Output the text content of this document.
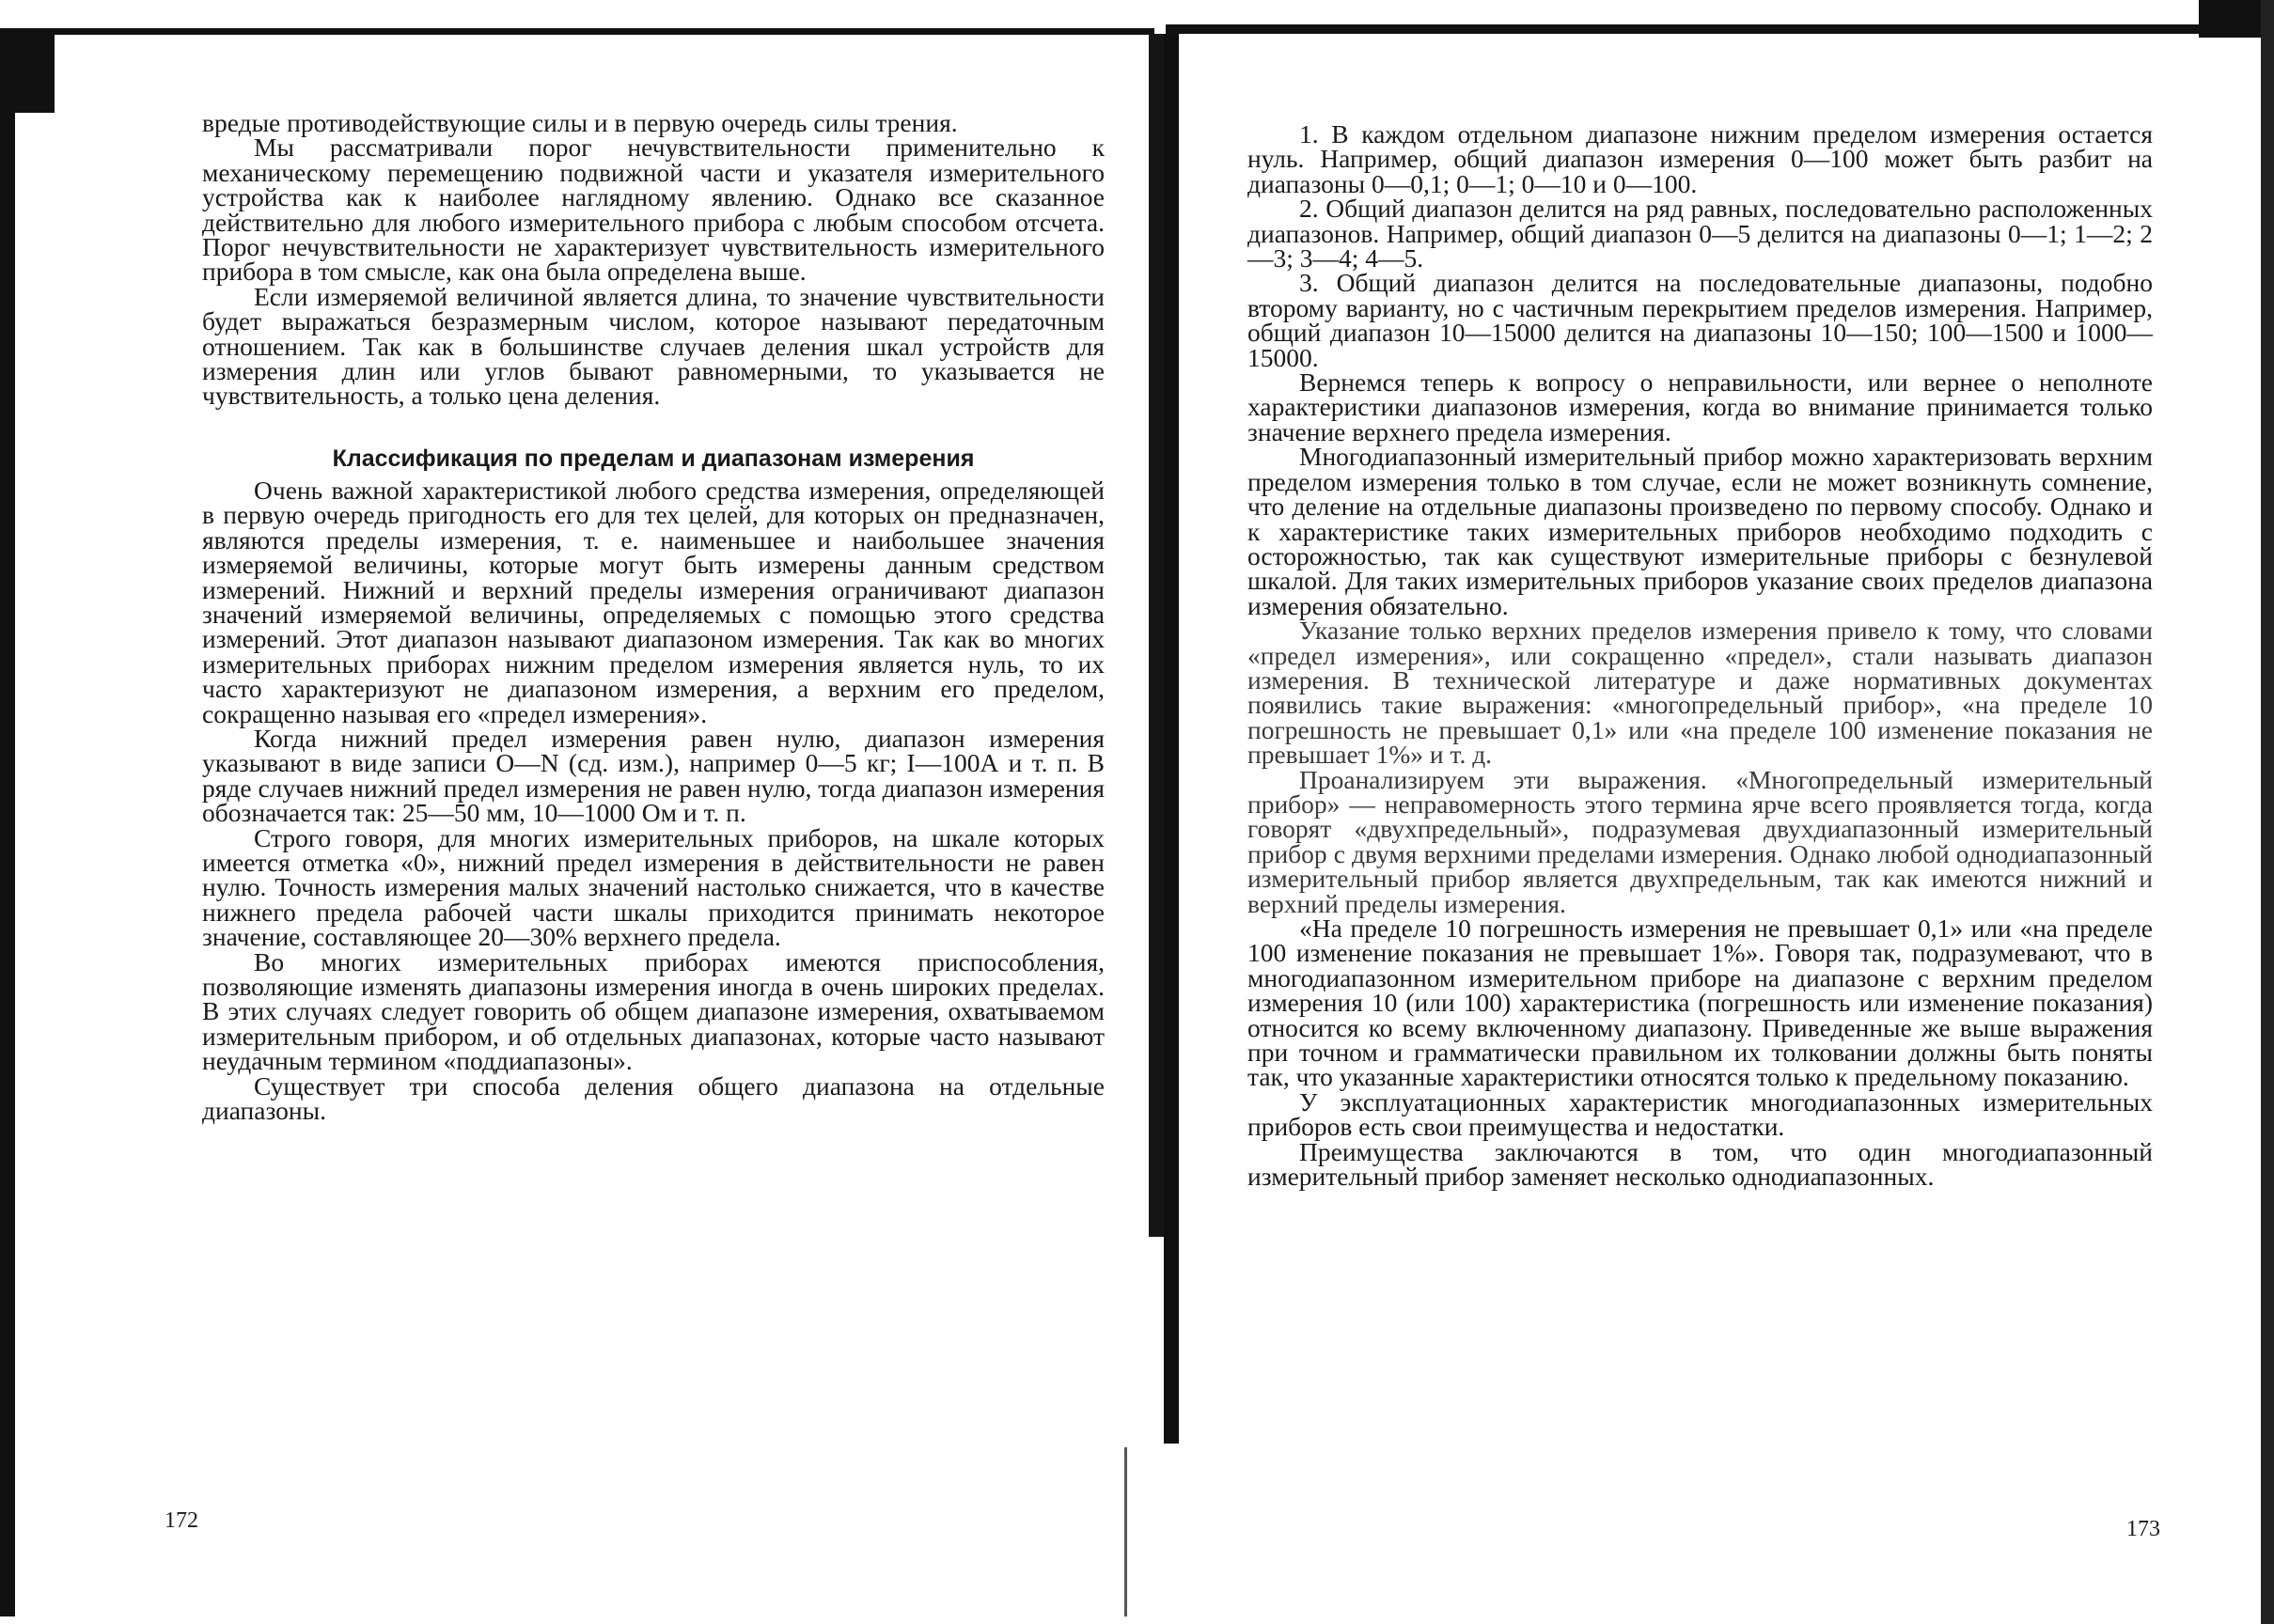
вредые противодействующие силы и в первую очередь силы трения.

Мы рассматривали порог нечувствительности применительно к механическому перемещению подвижной части и указателя измерительного устройства как к наиболее наглядному явлению. Однако все сказанное действительно для любого измерительного прибора с любым способом отсчета. Порог нечувствительности не характеризует чувствительность измерительного прибора в том смысле, как она была определена выше.

Если измеряемой величиной является длина, то значение чувствительности будет выражаться безразмерным числом, которое называют передаточным отношением. Так как в большинстве случаев деления шкал устройств для измерения длин или углов бывают равномерными, то указывается не чувствительность, а только цена деления.

Классификация по пределам и диапазонам измерения

Очень важной характеристикой любого средства измерения, определяющей в первую очередь пригодность его для тех целей, для которых он предназначен, являются пределы измерения, т. е. наименьшее и наибольшее значения измеряемой величины, которые могут быть измерены данным средством измерений. Нижний и верхний пределы измерения ограничивают диапазон значений измеряемой величины, определяемых с помощью этого средства измерений. Этот диапазон называют диапазоном измерения. Так как во многих измерительных приборах нижним пределом измерения является нуль, то их часто характеризуют не диапазоном измерения, а верхним его пределом, сокращенно называя его «предел измерения».

Когда нижний предел измерения равен нулю, диапазон измерения указывают в виде записи O—N (сд. изм.), например 0—5 кг; I—100А и т. п. В ряде случаев нижний предел измерения не равен нулю, тогда диапазон измерения обозначается так: 25—50 мм, 10—1000 Ом и т. п.

Строго говоря, для многих измерительных приборов, на шкале которых имеется отметка «0», нижний предел измерения в действительности не равен нулю. Точность измерения малых значений настолько снижается, что в качестве нижнего предела рабочей части шкалы приходится принимать некоторое значение, составляющее 20—30% верхнего предела.

Во многих измерительных приборах имеются приспособления, позволяющие изменять диапазоны измерения иногда в очень широких пределах. В этих случаях следует говорить об общем диапазоне измерения, охватываемом измерительным прибором, и об отдельных диапазонах, которые часто называют неудачным термином «поддиапазоны».

Существует три способа деления общего диапазона на отдельные диапазоны.

172

1. В каждом отдельном диапазоне нижним пределом измерения остается нуль. Например, общий диапазон измерения 0—100 может быть разбит на диапазоны 0—0,1; 0—1; 0—10 и 0—100.

2. Общий диапазон делится на ряд равных, последовательно расположенных диапазонов. Например, общий диапазон 0—5 делится на диапазоны 0—1; 1—2; 2—3; 3—4; 4—5.

3. Общий диапазон делится на последовательные диапазоны, подобно второму варианту, но с частичным перекрытием пределов измерения. Например, общий диапазон 10—15000 делится на диапазоны 10—150; 100—1500 и 1000—15000.

Вернемся теперь к вопросу о неправильности, или вернее о неполноте характеристики диапазонов измерения, когда во внимание принимается только значение верхнего предела измерения.

Многодиапазонный измерительный прибор можно характеризовать верхним пределом измерения только в том случае, если не может возникнуть сомнение, что деление на отдельные диапазоны произведено по первому способу. Однако и к характеристике таких измерительных приборов необходимо подходить с осторожностью, так как существуют измерительные приборы с безнулевой шкалой. Для таких измерительных приборов указание своих пределов диапазона измерения обязательно.

Указание только верхних пределов измерения привело к тому, что словами «предел измерения», или сокращенно «предел», стали называть диапазон измерения. В технической литературе и даже нормативных документах появились такие выражения: «многопредельный прибор», «на пределе 10 погрешность не превышает 0,1» или «на пределе 100 изменение показания не превышает 1%» и т. д.

Проанализируем эти выражения. «Многопредельный измерительный прибор» — неправомерность этого термина ярче всего проявляется тогда, когда говорят «двухпредельный», подразумевая двухдиапазонный измерительный прибор с двумя верхними пределами измерения. Однако любой однодиапазонный измерительный прибор является двухпредельным, так как имеются нижний и верхний пределы измерения.

«На пределе 10 погрешность измерения не превышает 0,1» или «на пределе 100 изменение показания не превышает 1%». Говоря так, подразумевают, что в многодиапазонном измерительном приборе на диапазоне с верхним пределом измерения 10 (или 100) характеристика (погрешность или изменение показания) относится ко всему включенному диапазону. Приведенные же выше выражения при точном и грамматически правильном их толковании должны быть поняты так, что указанные характеристики относятся только к предельному показанию.

У эксплуатационных характеристик многодиапазонных измерительных приборов есть свои преимущества и недостатки.

Преимущества заключаются в том, что один многодиапазонный измерительный прибор заменяет несколько однодиапазонных.

173
